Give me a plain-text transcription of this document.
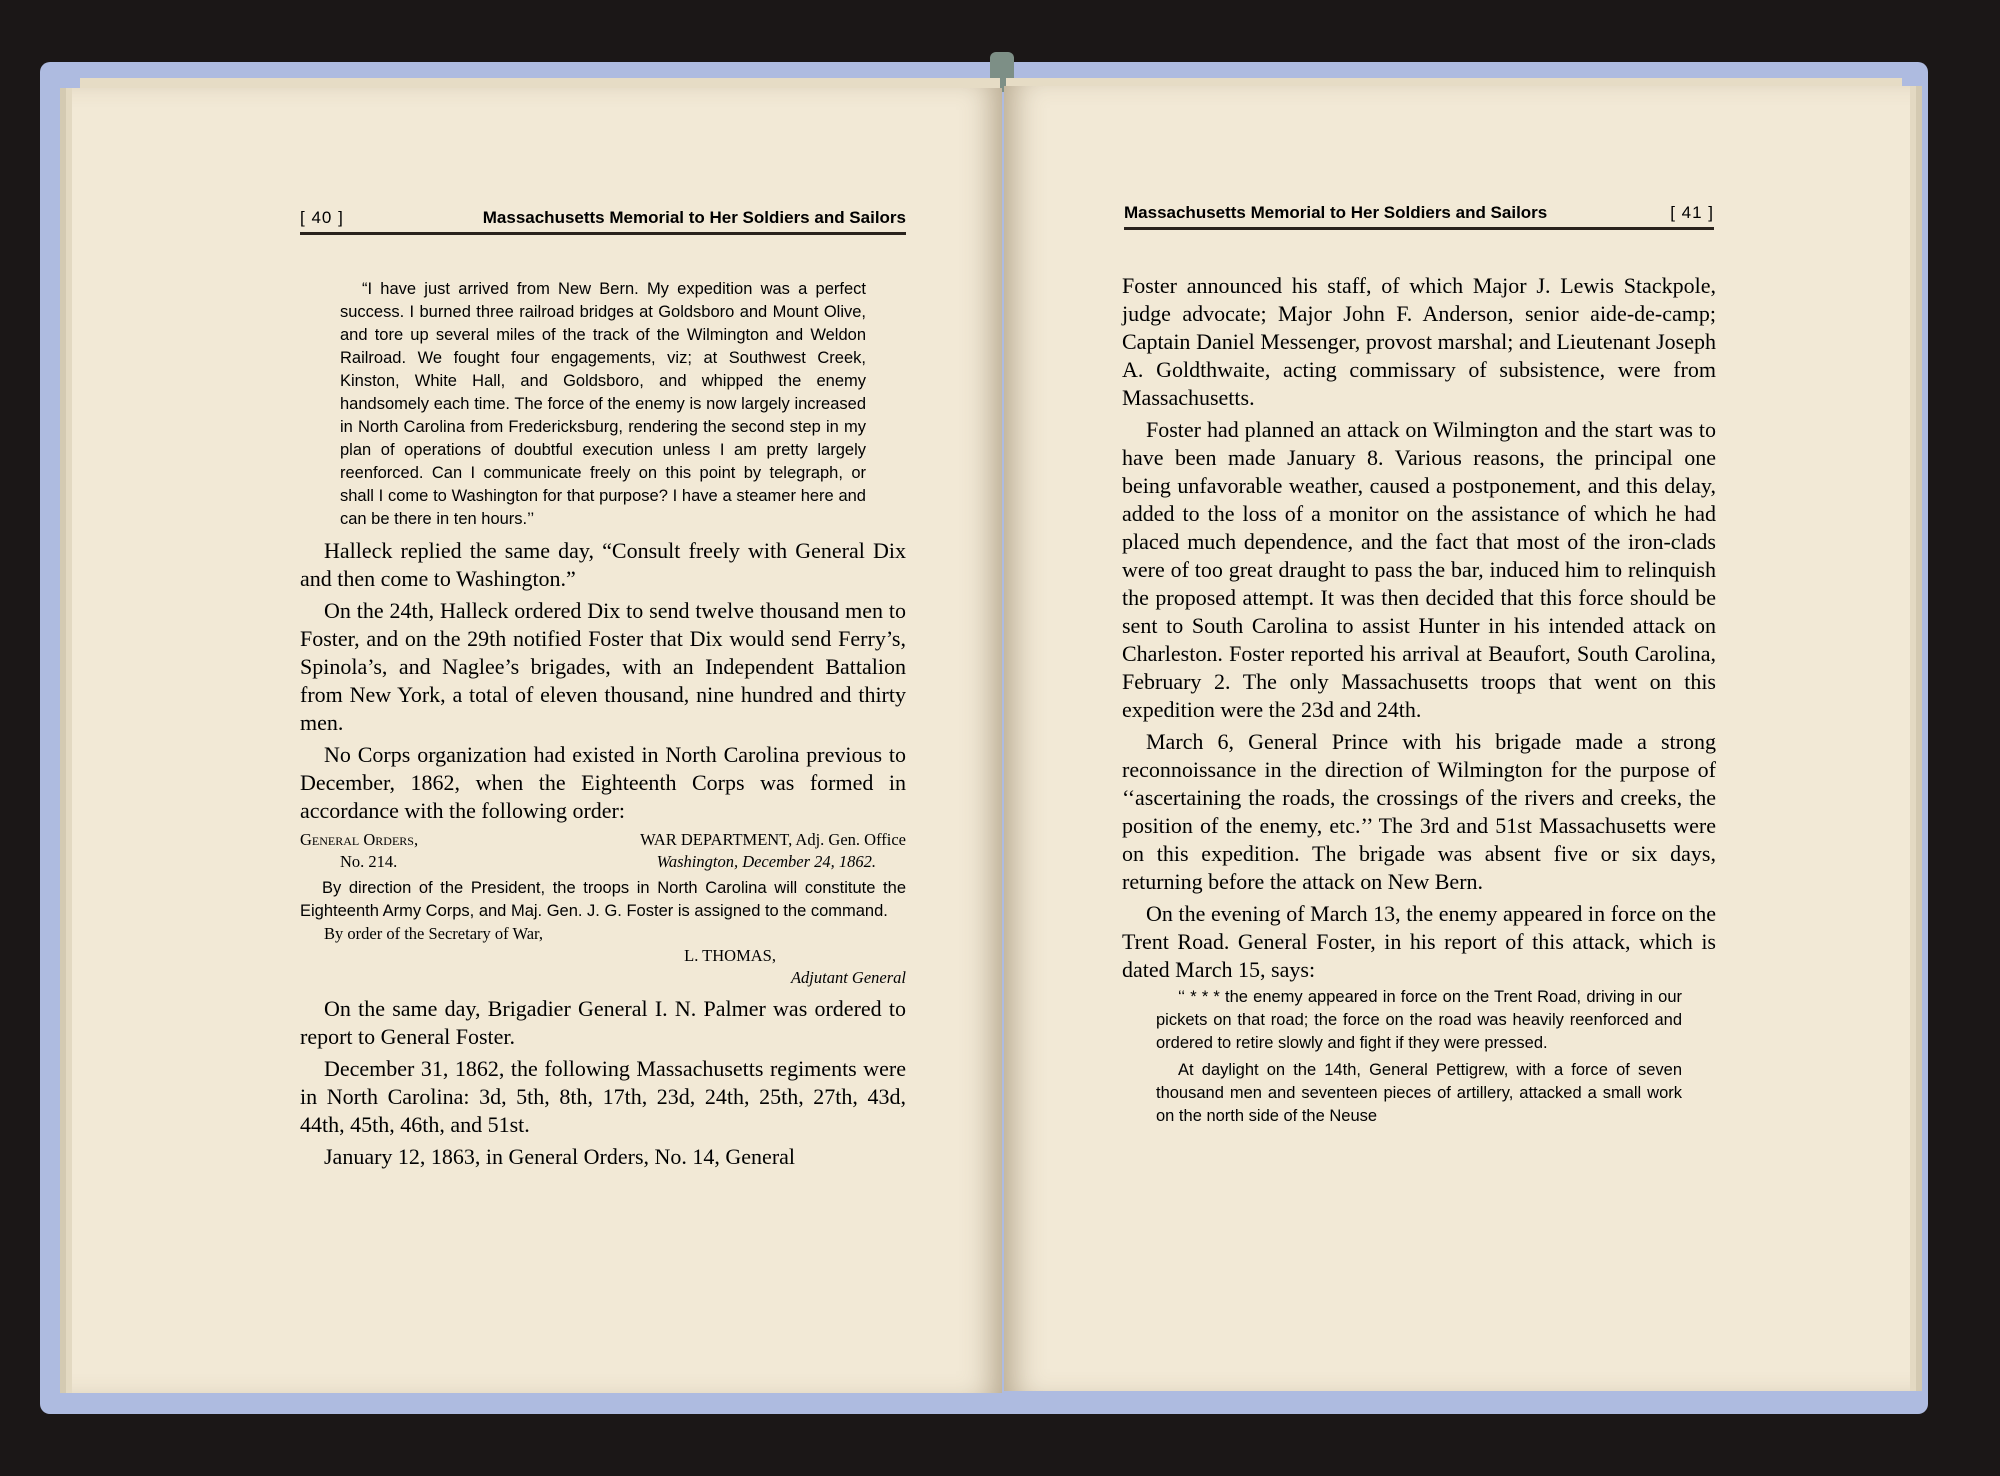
[ 40 ]	Massachusetts Memorial to Her Soldiers and Sailors

“I have just arrived from New Bern. My expedition was a perfect success. I burned three railroad bridges at Goldsboro and Mount Olive, and tore up several miles of the track of the Wilmington and Weldon Railroad. We fought four engagements, viz; at Southwest Creek, Kinston, White Hall, and Goldsboro, and whipped the enemy handsomely each time. The force of the enemy is now largely increased in North Carolina from Fredericksburg, rendering the second step in my plan of operations of doubtful execution unless I am pretty largely reenforced. Can I communicate freely on this point by telegraph, or shall I come to Washington for that purpose? I have a steamer here and can be there in ten hours.’’

Halleck replied the same day, “Consult freely with General Dix and then come to Washington.”

On the 24th, Halleck ordered Dix to send twelve thousand men to Foster, and on the 29th notified Foster that Dix would send Ferry’s, Spinola’s, and Naglee’s brigades, with an Independent Battalion from New York, a total of eleven thousand, nine hundred and thirty men.

No Corps organization had existed in North Carolina previous to December, 1862, when the Eighteenth Corps was formed in accordance with the following order:

General Orders,	WAR DEPARTMENT, Adj. Gen. Office
No. 214.	Washington, December 24, 1862.

By direction of the President, the troops in North Carolina will constitute the Eighteenth Army Corps, and Maj. Gen. J. G. Foster is assigned to the command.

By order of the Secretary of War,

L. THOMAS,

Adjutant General

On the same day, Brigadier General I. N. Palmer was ordered to report to General Foster.

December 31, 1862, the following Massachusetts regiments were in North Carolina: 3d, 5th, 8th, 17th, 23d, 24th, 25th, 27th, 43d, 44th, 45th, 46th, and 51st.

January 12, 1863, in General Orders, No. 14, General

Massachusetts Memorial to Her Soldiers and Sailors	[ 41 ]

Foster announced his staff, of which Major J. Lewis Stackpole, judge advocate; Major John F. Anderson, senior aide-de-camp; Captain Daniel Messenger, provost marshal; and Lieutenant Joseph A. Goldthwaite, acting commissary of subsistence, were from Massachusetts.

Foster had planned an attack on Wilmington and the start was to have been made January 8. Various reasons, the principal one being unfavorable weather, caused a postponement, and this delay, added to the loss of a monitor on the assistance of which he had placed much dependence, and the fact that most of the iron-clads were of too great draught to pass the bar, induced him to relinquish the proposed attempt. It was then decided that this force should be sent to South Carolina to assist Hunter in his intended attack on Charleston. Foster reported his arrival at Beaufort, South Carolina, February 2. The only Massachusetts troops that went on this expedition were the 23d and 24th.

March 6, General Prince with his brigade made a strong reconnoissance in the direction of Wilmington for the purpose of ‘‘ascertaining the roads, the crossings of the rivers and creeks, the position of the enemy, etc.’’ The 3rd and 51st Massachusetts were on this expedition. The brigade was absent five or six days, returning before the attack on New Bern.

On the evening of March 13, the enemy appeared in force on the Trent Road. General Foster, in his report of this attack, which is dated March 15, says:

‘‘ * * * the enemy appeared in force on the Trent Road, driving in our pickets on that road; the force on the road was heavily reenforced and ordered to retire slowly and fight if they were pressed.

At daylight on the 14th, General Pettigrew, with a force of seven thousand men and seventeen pieces of artillery, attacked a small work on the north side of the Neuse
